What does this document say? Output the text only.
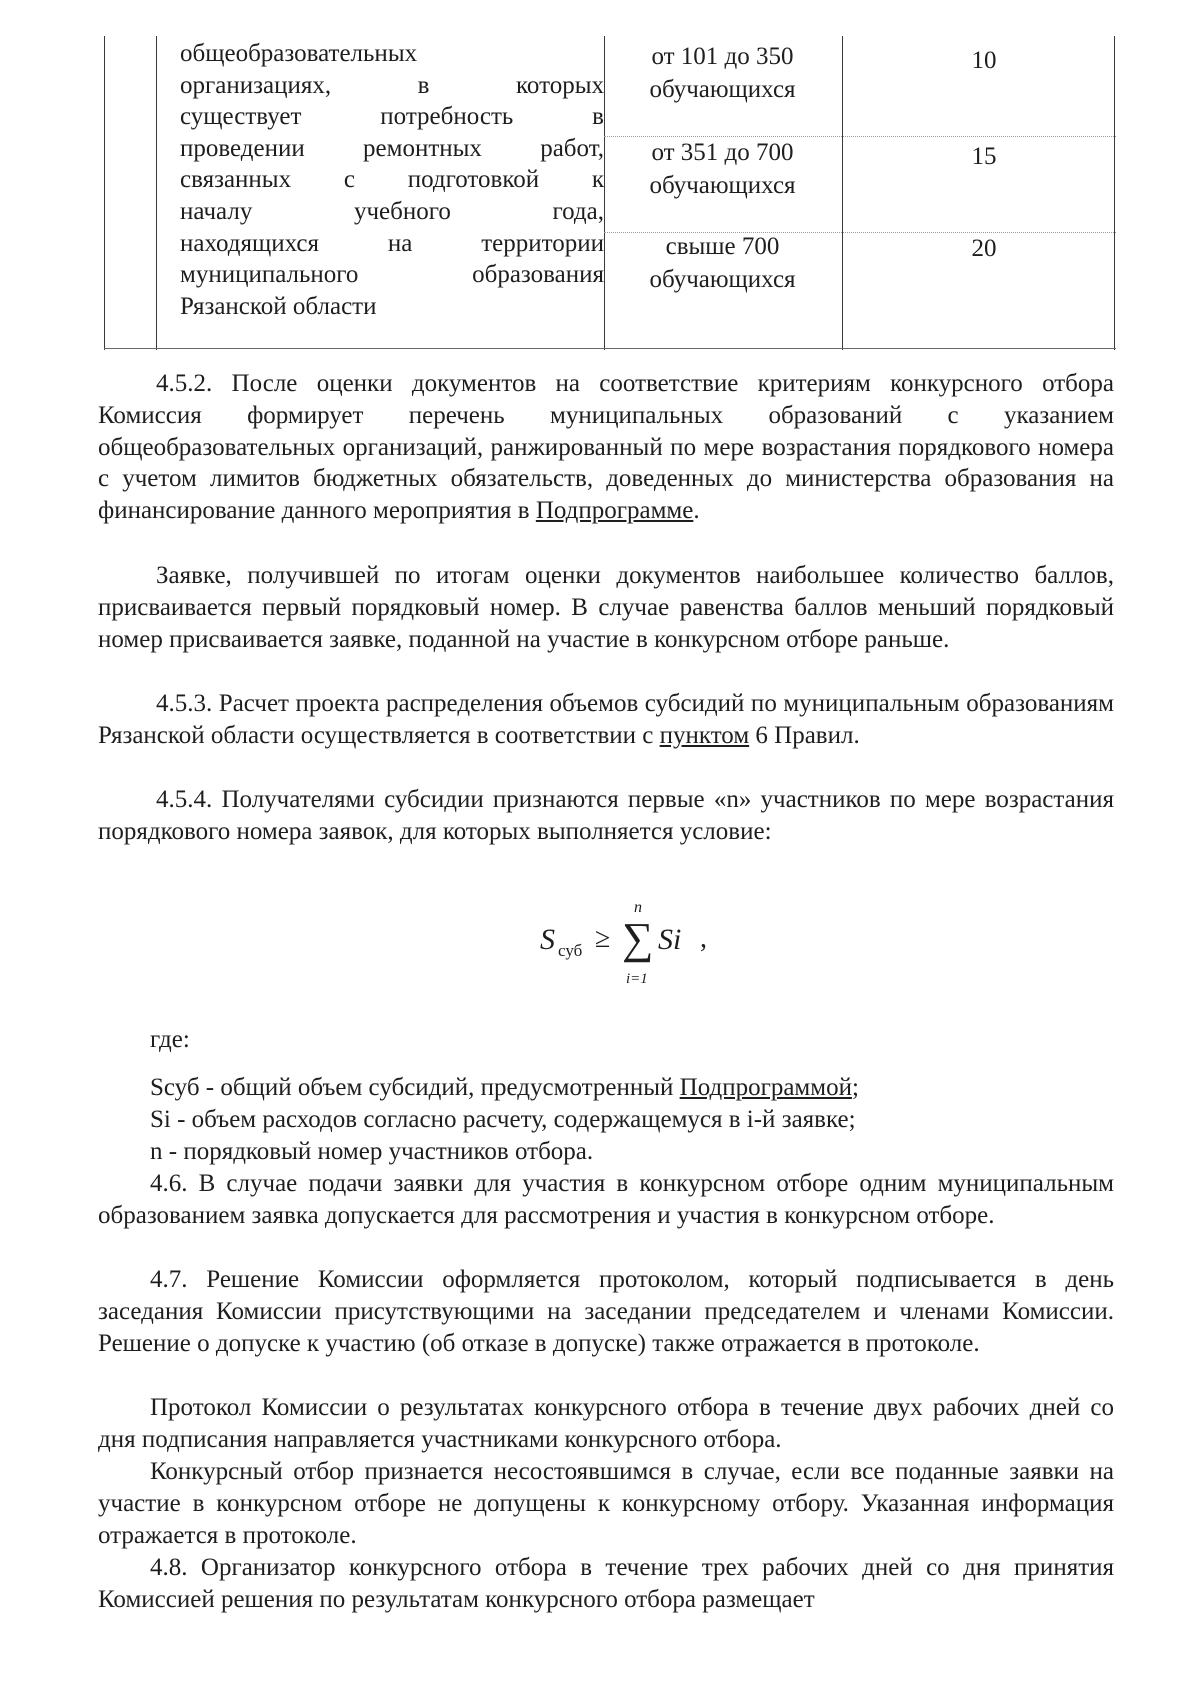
общеобразовательных
организациях, в которых
существует потребность в
проведении ремонтных работ,
связанных с подготовкой к
началу учебного года,
находящихся на территории
муниципального образования
Рязанской области
от 101 до 350
обучающихся
10
от 351 до 700
обучающихся
15
свыше 700
обучающихся
20

4.5.2. После оценки документов на соответствие критериям конкурсного отбора Комиссия формирует перечень муниципальных образований с указанием общеобразовательных организаций, ранжированный по мере возрастания порядкового номера с учетом лимитов бюджетных обязательств, доведенных до министерства образования на финансирование данного мероприятия в Подпрограмме.

Заявке, получившей по итогам оценки документов наибольшее количество баллов, присваивается первый порядковый номер. В случае равенства баллов меньший порядковый номер присваивается заявке, поданной на участие в конкурсном отборе раньше.

4.5.3. Расчет проекта распределения объемов субсидий по муниципальным образованиям Рязанской области осуществляется в соответствии с пунктом 6 Правил.

4.5.4. Получателями субсидии признаются первые «n» участников по мере возрастания порядкового номера заявок, для которых выполняется условие:

S суб ≥
n
∑
i=1
Si ,

где:

Sсуб - общий объем субсидий, предусмотренный Подпрограммой;

Si - объем расходов согласно расчету, содержащемуся в i-й заявке;

n - порядковый номер участников отбора.

4.6. В случае подачи заявки для участия в конкурсном отборе одним муниципальным образованием заявка допускается для рассмотрения и участия в конкурсном отборе.

4.7. Решение Комиссии оформляется протоколом, который подписывается в день заседания Комиссии присутствующими на заседании председателем и членами Комиссии. Решение о допуске к участию (об отказе в допуске) также отражается в протоколе.

Протокол Комиссии о результатах конкурсного отбора в течение двух рабочих дней со дня подписания направляется участниками конкурсного отбора.

Конкурсный отбор признается несостоявшимся в случае, если все поданные заявки на участие в конкурсном отборе не допущены к конкурсному отбору. Указанная информация отражается в протоколе.

4.8. Организатор конкурсного отбора в течение трех рабочих дней со дня принятия Комиссией решения по результатам конкурсного отбора размещает
